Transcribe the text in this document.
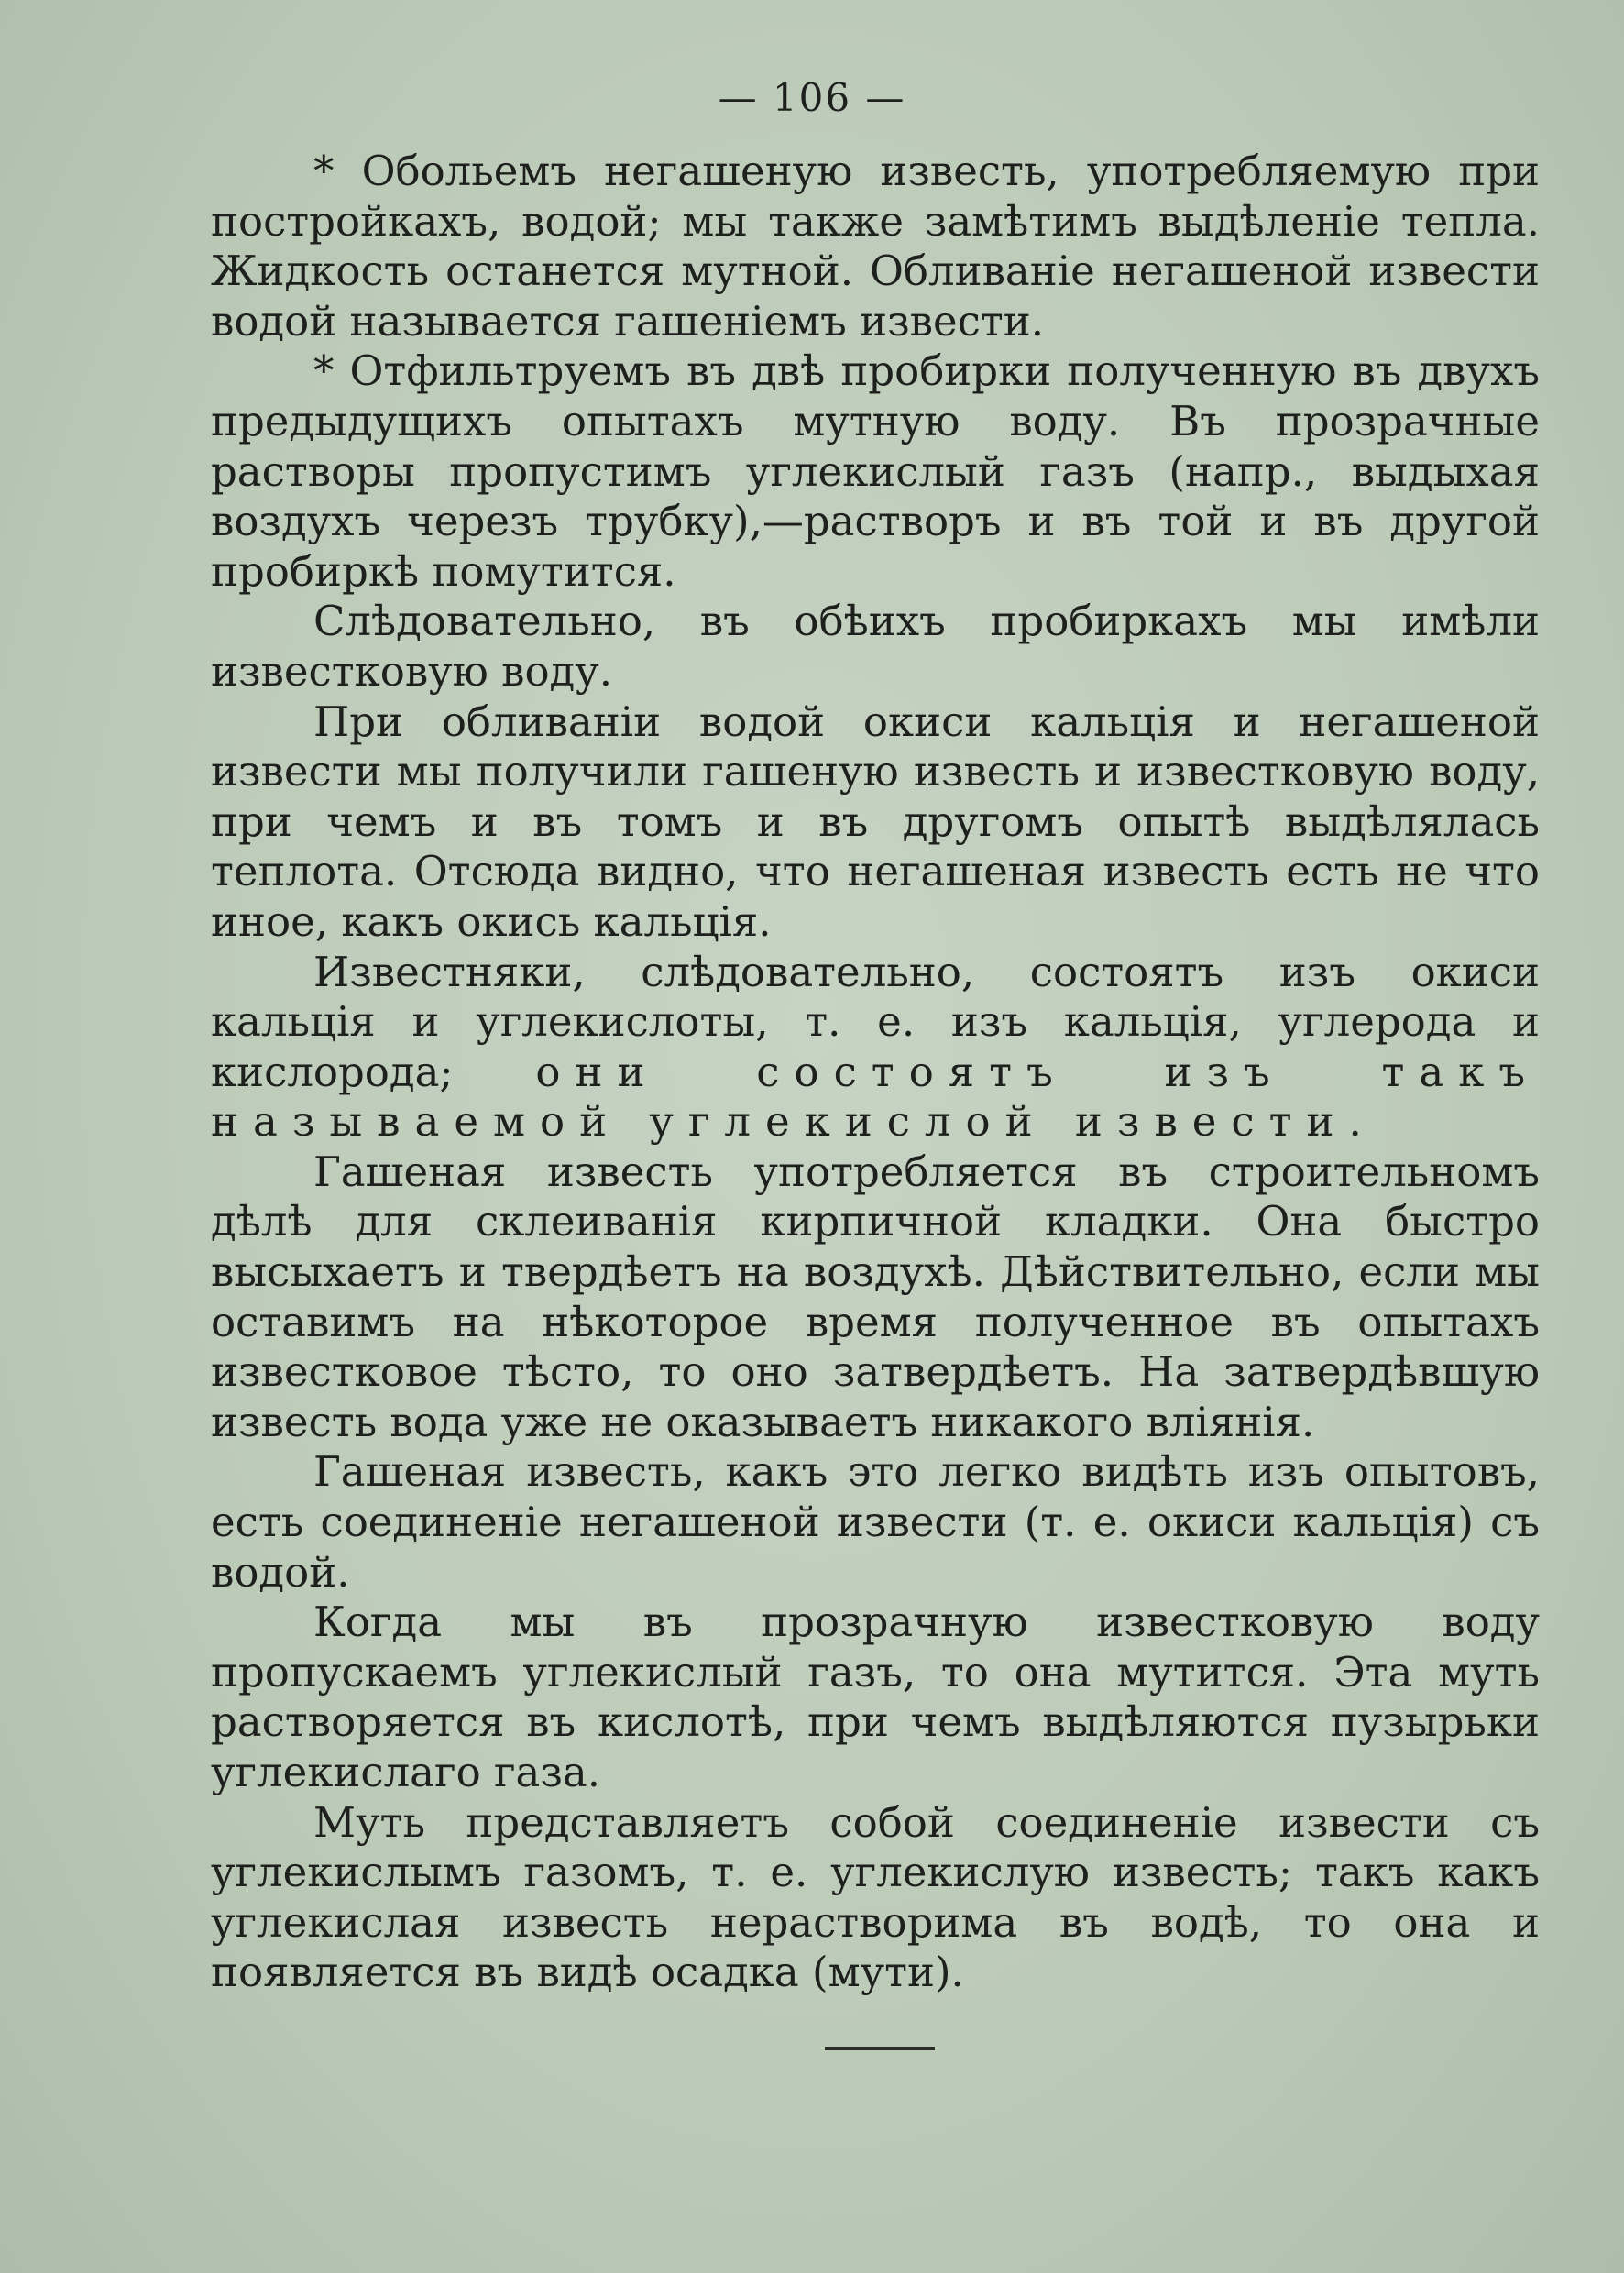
— 106 —

* Обольемъ негашеную известь, употребляемую при постройкахъ, водой; мы также замѣтимъ выдѣленіе тепла. Жидкость останется мутной. Обливаніе негашеной извести водой называется гашеніемъ извести.

* Отфильтруемъ въ двѣ пробирки полученную въ двухъ предыдущихъ опытахъ мутную воду. Въ прозрачные растворы пропустимъ углекислый газъ (напр., выдыхая воздухъ черезъ трубку),—растворъ и въ той и въ другой пробиркѣ помутится.

Слѣдовательно, въ обѣихъ пробиркахъ мы имѣли известковую воду.

При обливаніи водой окиси кальція и негашеной извести мы получили гашеную известь и известковую воду, при чемъ и въ томъ и въ другомъ опытѣ выдѣлялась теплота. Отсюда видно, что негашеная известь есть не что иное, какъ окись кальція.

Известняки, слѣдовательно, состоятъ изъ окиси кальція и углекислоты, т. е. изъ кальція, углерода и кислорода; они состоятъ изъ такъ называемой углекислой извести.

Гашеная известь употребляется въ строительномъ дѣлѣ для склеиванія кирпичной кладки. Она быстро высыхаетъ и твердѣетъ на воздухѣ. Дѣйствительно, если мы оставимъ на нѣкоторое время полученное въ опытахъ известковое тѣсто, то оно затвердѣетъ. На затвердѣвшую известь вода уже не оказываетъ никакого вліянія.

Гашеная известь, какъ это легко видѣть изъ опытовъ, есть соединеніе негашеной извести (т. е. окиси кальція) съ водой.

Когда мы въ прозрачную известковую воду пропускаемъ углекислый газъ, то она мутится. Эта муть растворяется въ кислотѣ, при чемъ выдѣляются пузырьки углекислаго газа.

Муть представляетъ собой соединеніе извести съ углекислымъ газомъ, т. е. углекислую известь; такъ какъ углекислая известь нерастворима въ водѣ, то она и появляется въ видѣ осадка (мути).
